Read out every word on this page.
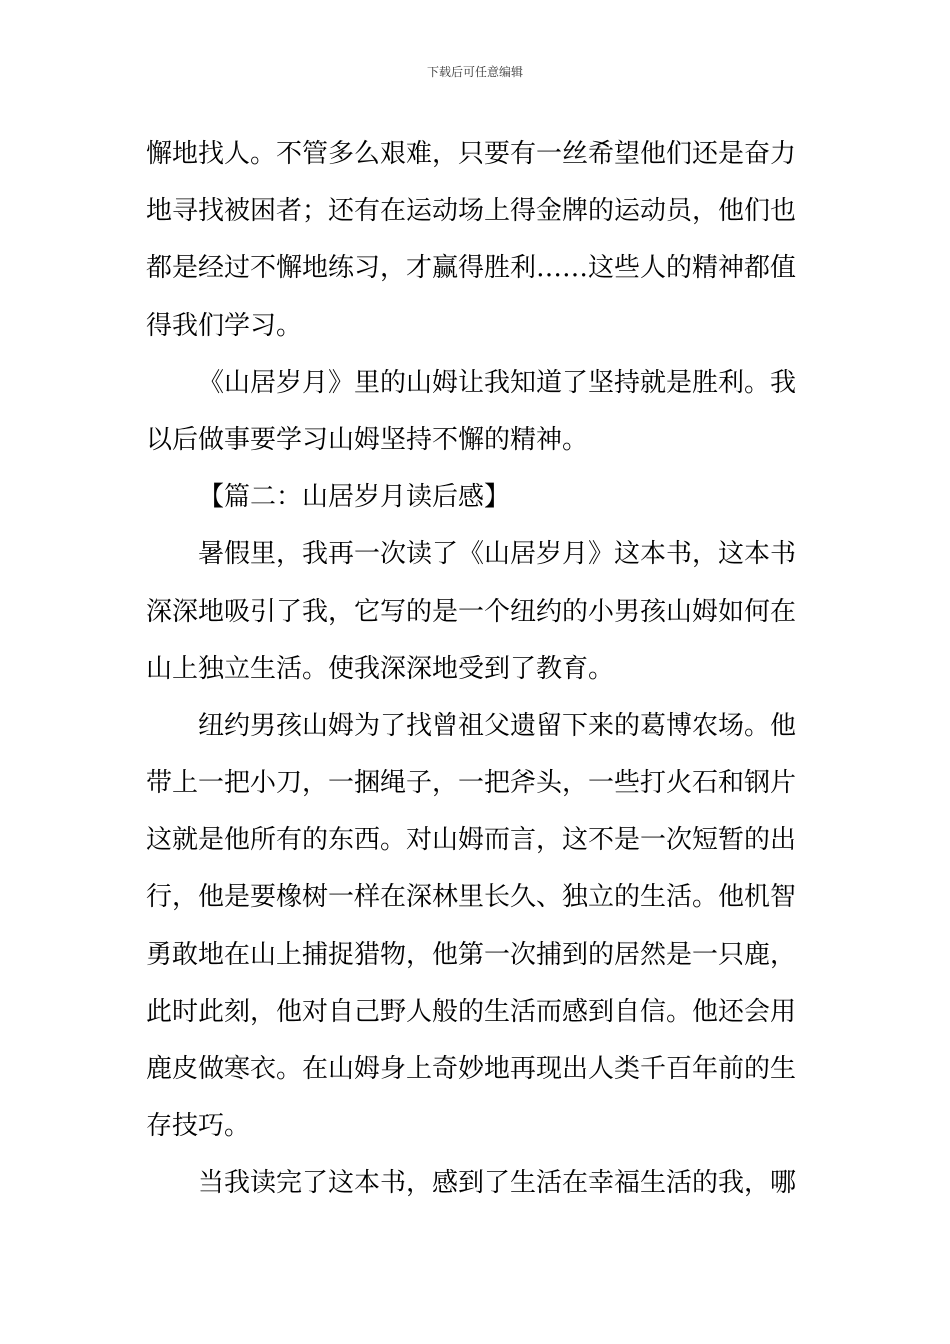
下载后可任意编辑
懈地找人。不管多么艰难，只要有一丝希望他们还是奋力
地寻找被困者；还有在运动场上得金牌的运动员，他们也
都是经过不懈地练习，才赢得胜利……这些人的精神都值
得我们学习。
《山居岁月》里的山姆让我知道了坚持就是胜利。我
以后做事要学习山姆坚持不懈的精神。
【篇二：山居岁月读后感】
暑假里，我再一次读了《山居岁月》这本书，这本书
深深地吸引了我，它写的是一个纽约的小男孩山姆如何在
山上独立生活。使我深深地受到了教育。
纽约男孩山姆为了找曾祖父遗留下来的葛博农场。他
带上一把小刀，一捆绳子，一把斧头，一些打火石和钢片
这就是他所有的东西。对山姆而言，这不是一次短暂的出
行，他是要橡树一样在深林里长久、独立的生活。他机智
勇敢地在山上捕捉猎物，他第一次捕到的居然是一只鹿，
此时此刻，他对自己野人般的生活而感到自信。他还会用
鹿皮做寒衣。在山姆身上奇妙地再现出人类千百年前的生
存技巧。
当我读完了这本书，感到了生活在幸福生活的我，哪
